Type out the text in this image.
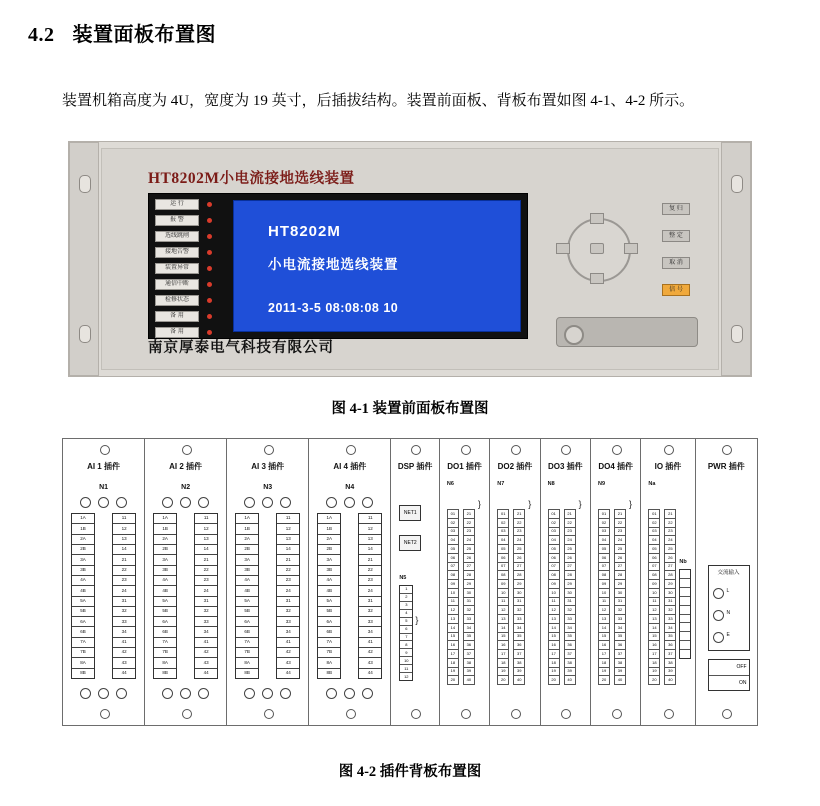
4.2 装置面板布置图
装置机箱高度为 4U，宽度为 19 英寸，后插拔结构。装置前面板、背板布置如图 4-1、4-2 所示。
HT8202M小电流接地选线装置
运 行
报 警
选线跳闸
接地告警
装置异常
通信中断
检修状态
备 用
备 用
HT8202M
小电流接地选线装置
2011-3-5 08:08:08 10
复 归
整 定
取 消
信 号
南京厚泰电气科技有限公司
图 4-1 装置前面板布置图
AI 1 插件
N1
1A
1B
2A
2B
3A
3B
4A
4B
5A
5B
6A
6B
7A
7B
8A
8B
11
12
13
14
21
22
23
24
31
32
33
34
41
42
43
44
AI 2 插件
N2
1A
1B
2A
2B
3A
3B
4A
4B
5A
5B
6A
6B
7A
7B
8A
8B
11
12
13
14
21
22
23
24
31
32
33
34
41
42
43
44
AI 3 插件
N3
1A
1B
2A
2B
3A
3B
4A
4B
5A
5B
6A
6B
7A
7B
8A
8B
11
12
13
14
21
22
23
24
31
32
33
34
41
42
43
44
AI 4 插件
N4
1A
1B
2A
2B
3A
3B
4A
4B
5A
5B
6A
6B
7A
7B
8A
8B
11
12
13
14
21
22
23
24
31
32
33
34
41
42
43
44
DSP 插件
NET1
NET2
N5
1
2
3
4
5
6
7
8
9
10
11
12
}
DO1 插件
N6
01
02
03
04
05
06
07
08
09
10
11
12
13
14
15
16
17
18
19
20
21
22
23
24
25
26
27
28
29
30
31
32
33
34
35
36
37
38
39
40
}
DO2 插件
N7
01
02
03
04
05
06
07
08
09
10
11
12
13
14
15
16
17
18
19
20
21
22
23
24
25
26
27
28
29
30
31
32
33
34
35
36
37
38
39
40
}
DO3 插件
N8
01
02
03
04
05
06
07
08
09
10
11
12
13
14
15
16
17
18
19
20
21
22
23
24
25
26
27
28
29
30
31
32
33
34
35
36
37
38
39
40
}
DO4 插件
N9
01
02
03
04
05
06
07
08
09
10
11
12
13
14
15
16
17
18
19
20
21
22
23
24
25
26
27
28
29
30
31
32
33
34
35
36
37
38
39
40
}
IO 插件
Na
01
02
03
04
05
06
07
08
09
10
11
12
13
14
15
16
17
18
19
20
21
22
23
24
25
26
27
28
29
30
31
32
33
34
35
36
37
38
39
40
Nb
PWR 插件
交流输入
L
N
E
OFF
ON
图 4-2 插件背板布置图
